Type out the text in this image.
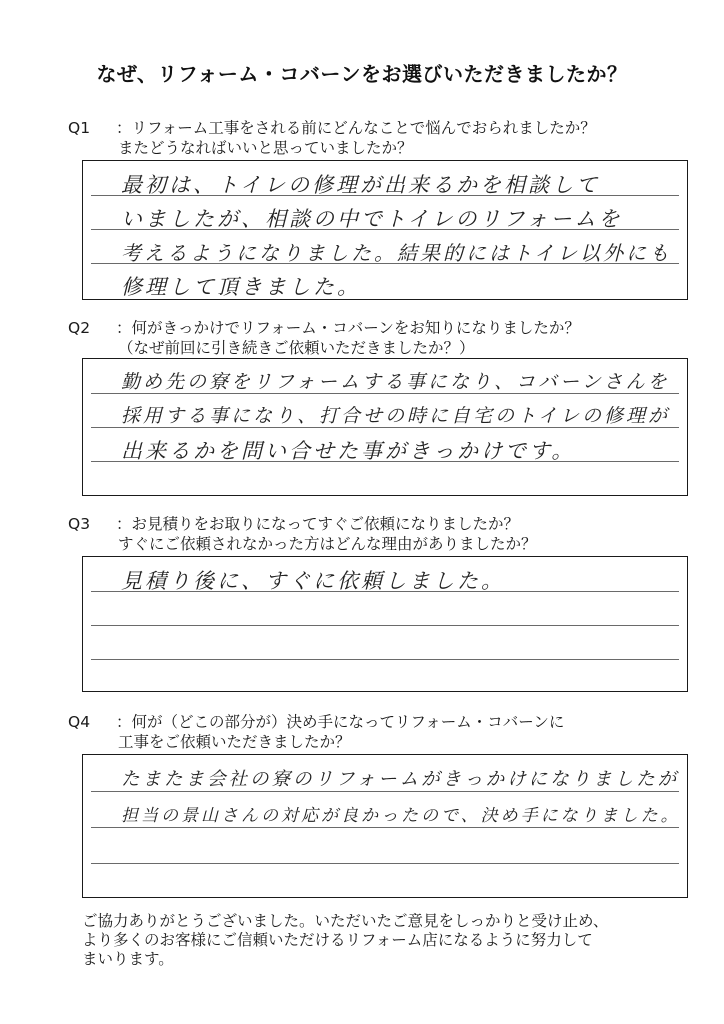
なぜ、リフォーム・コバーンをお選びいただきましたか？
Q1 ：リフォーム工事をされる前にどんなことで悩んでおられましたか？
またどうなればいいと思っていましたか？
最初は、トイレの修理が出来るかを相談して
いましたが、相談の中でトイレのリフォームを
考えるようになりました。結果的にはトイレ以外にも
修理して頂きました。
Q2 ：何がきっかけでリフォーム・コバーンをお知りになりましたか？
（なぜ前回に引き続きご依頼いただきましたか？）
勤め先の寮をリフォームする事になり、コバーンさんを
採用する事になり、打合せの時に自宅のトイレの修理が
出来るかを問い合せた事がきっかけです。
Q3 ：お見積りをお取りになってすぐご依頼になりましたか？
すぐにご依頼されなかった方はどんな理由がありましたか？
見積り後に、すぐに依頼しました。
Q4 ：何が（どこの部分が）決め手になってリフォーム・コバーンに
工事をご依頼いただきましたか？
たまたま会社の寮のリフォームがきっかけになりましたが
担当の景山さんの対応が良かったので、決め手になりました。
ご協力ありがとうございました。いただいたご意見をしっかりと受け止め、
より多くのお客様にご信頼いただけるリフォーム店になるように努力して
まいります。
